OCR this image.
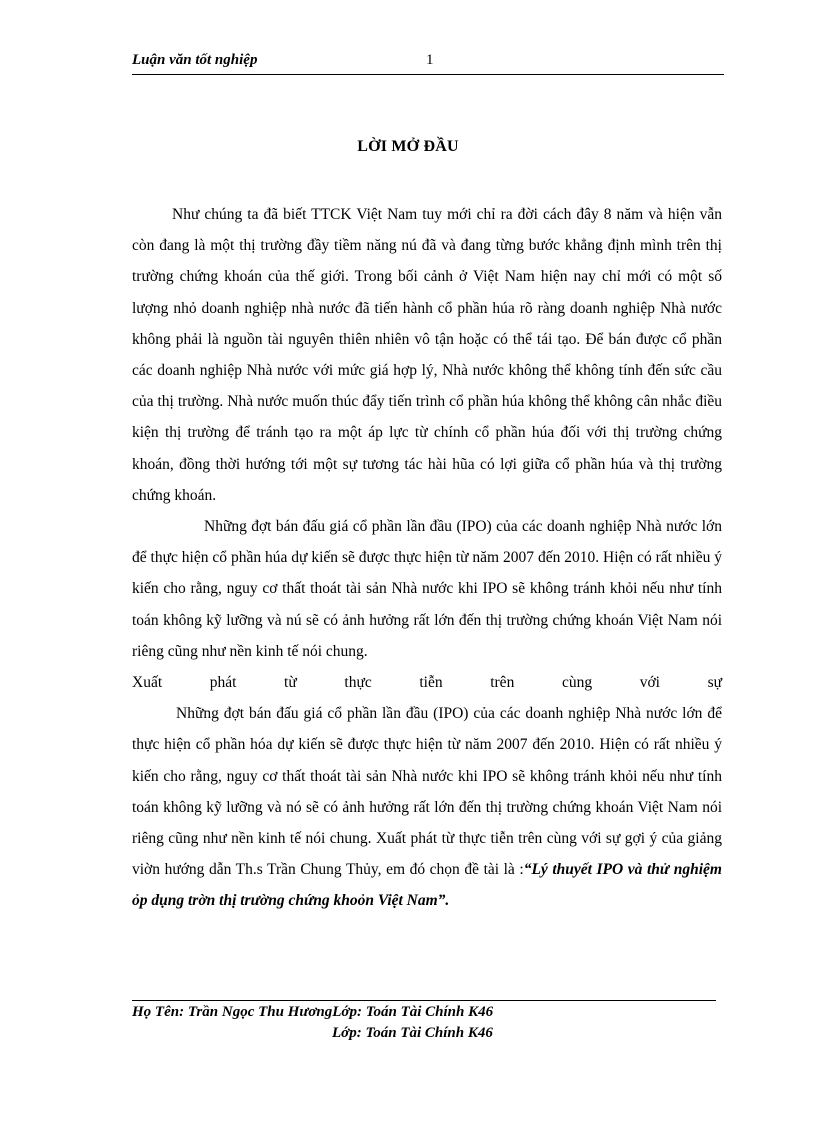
Luận văn tốt nghiệp	1
LỜI MỞ ĐẦU

Như chúng ta đã biết TTCK Việt Nam tuy mới chỉ ra đời cách đây 8 năm và hiện vẫn còn đang là một thị trường đầy tiềm năng nú đã và đang từng bước khẳng định mình trên thị trường chứng khoán của thế giới. Trong bối cảnh ở Việt Nam hiện nay chỉ mới có một số lượng nhỏ doanh nghiệp nhà nước đã tiến hành cổ phần húa rõ ràng doanh nghiệp Nhà nước không phải là nguồn tài nguyên thiên nhiên vô tận hoặc có thể tái tạo. Để bán được cổ phần các doanh nghiệp Nhà nước với mức giá hợp lý, Nhà nước không thể không tính đến sức cầu của thị trường. Nhà nước muốn thúc đẩy tiến trình cổ phần húa không thể không cân nhắc điều kiện thị trường để tránh tạo ra một áp lực từ chính cổ phần húa đối với thị trường chứng khoán, đồng thời hướng tới một sự tương tác hài hũa có lợi giữa cổ phần húa và thị trường chứng khoán.

Những đợt bán đấu giá cổ phần lần đầu (IPO) của các doanh nghiệp Nhà nước lớn để thực hiện cổ phần húa dự kiến sẽ được thực hiện từ năm 2007 đến 2010. Hiện có rất nhiều ý kiến cho rằng, nguy cơ thất thoát tài sản Nhà nước khi IPO sẽ không tránh khỏi nếu như tính toán không kỹ lưỡng và nú sẽ có ảnh hưởng rất lớn đến thị trường chứng khoán Việt Nam nói riêng cũng như nền kinh tế nói chung.

Xuất phát từ thực tiễn trên cùng với sự

Những đợt bán đấu giá cổ phần lần đầu (IPO) của các doanh nghiệp Nhà nước lớn để thực hiện cổ phần hóa dự kiến sẽ được thực hiện từ năm 2007 đến 2010. Hiện có rất nhiều ý kiến cho rằng, nguy cơ thất thoát tài sản Nhà nước khi IPO sẽ không tránh khỏi nếu như tính toán không kỹ lưỡng và nó sẽ có ảnh hưởng rất lớn đến thị trường chứng khoán Việt Nam nói riêng cũng như nền kinh tế nói chung. Xuất phát từ thực tiễn trên cùng với sự gợi ý của giảng viờn hướng dẫn Th.s Trần Chung Thủy, em đó chọn đề tài là :“Lý thuyết IPO và thử nghiệm ỏp dụng trờn thị trường chứng khoỏn Việt Nam”.

Họ Tên: Trần Ngọc Thu HươngLớp: Toán Tài Chính K46
Lớp: Toán Tài Chính K46
